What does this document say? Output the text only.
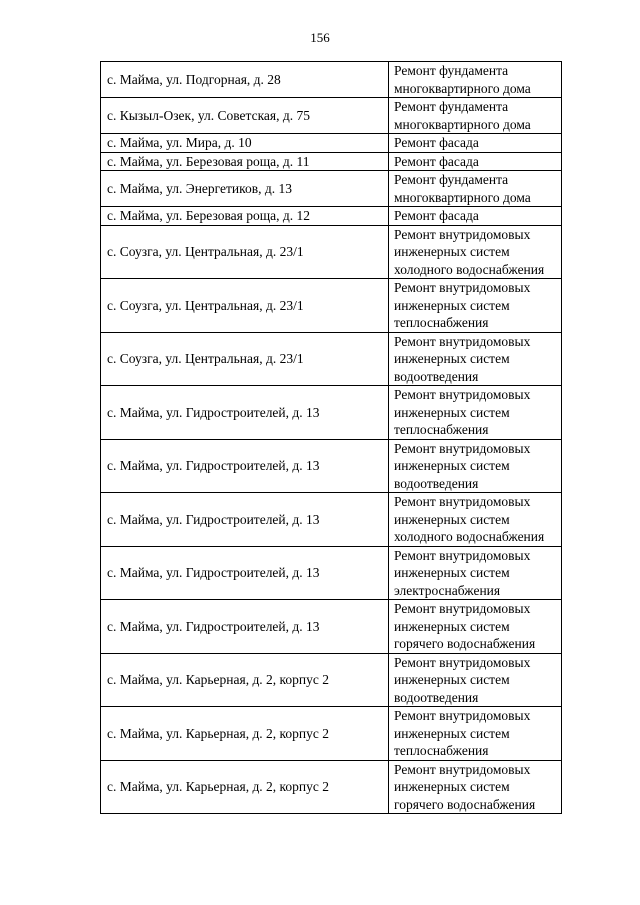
156
с. Майма, ул. Подгорная, д. 28	Ремонт фундамента
многоквартирного дома

с. Кызыл-Озек, ул. Советская, д. 75	Ремонт фундамента
многоквартирного дома

с. Майма, ул. Мира, д. 10	Ремонт фасада

с. Майма, ул. Березовая роща, д. 11	Ремонт фасада

с. Майма, ул. Энергетиков, д. 13	Ремонт фундамента
многоквартирного дома

с. Майма, ул. Березовая роща, д. 12	Ремонт фасада

с. Соузга, ул. Центральная, д. 23/1	Ремонт внутридомовых
инженерных систем
холодного водоснабжения

с. Соузга, ул. Центральная, д. 23/1	Ремонт внутридомовых
инженерных систем
теплоснабжения

с. Соузга, ул. Центральная, д. 23/1	Ремонт внутридомовых
инженерных систем
водоотведения

с. Майма, ул. Гидростроителей, д. 13	Ремонт внутридомовых
инженерных систем
теплоснабжения

с. Майма, ул. Гидростроителей, д. 13	Ремонт внутридомовых
инженерных систем
водоотведения

с. Майма, ул. Гидростроителей, д. 13	Ремонт внутридомовых
инженерных систем
холодного водоснабжения

с. Майма, ул. Гидростроителей, д. 13	Ремонт внутридомовых
инженерных систем
электроснабжения

с. Майма, ул. Гидростроителей, д. 13	Ремонт внутридомовых
инженерных систем
горячего водоснабжения

с. Майма, ул. Карьерная, д. 2, корпус 2	Ремонт внутридомовых
инженерных систем
водоотведения

с. Майма, ул. Карьерная, д. 2, корпус 2	Ремонт внутридомовых
инженерных систем
теплоснабжения

с. Майма, ул. Карьерная, д. 2, корпус 2	Ремонт внутридомовых
инженерных систем
горячего водоснабжения
